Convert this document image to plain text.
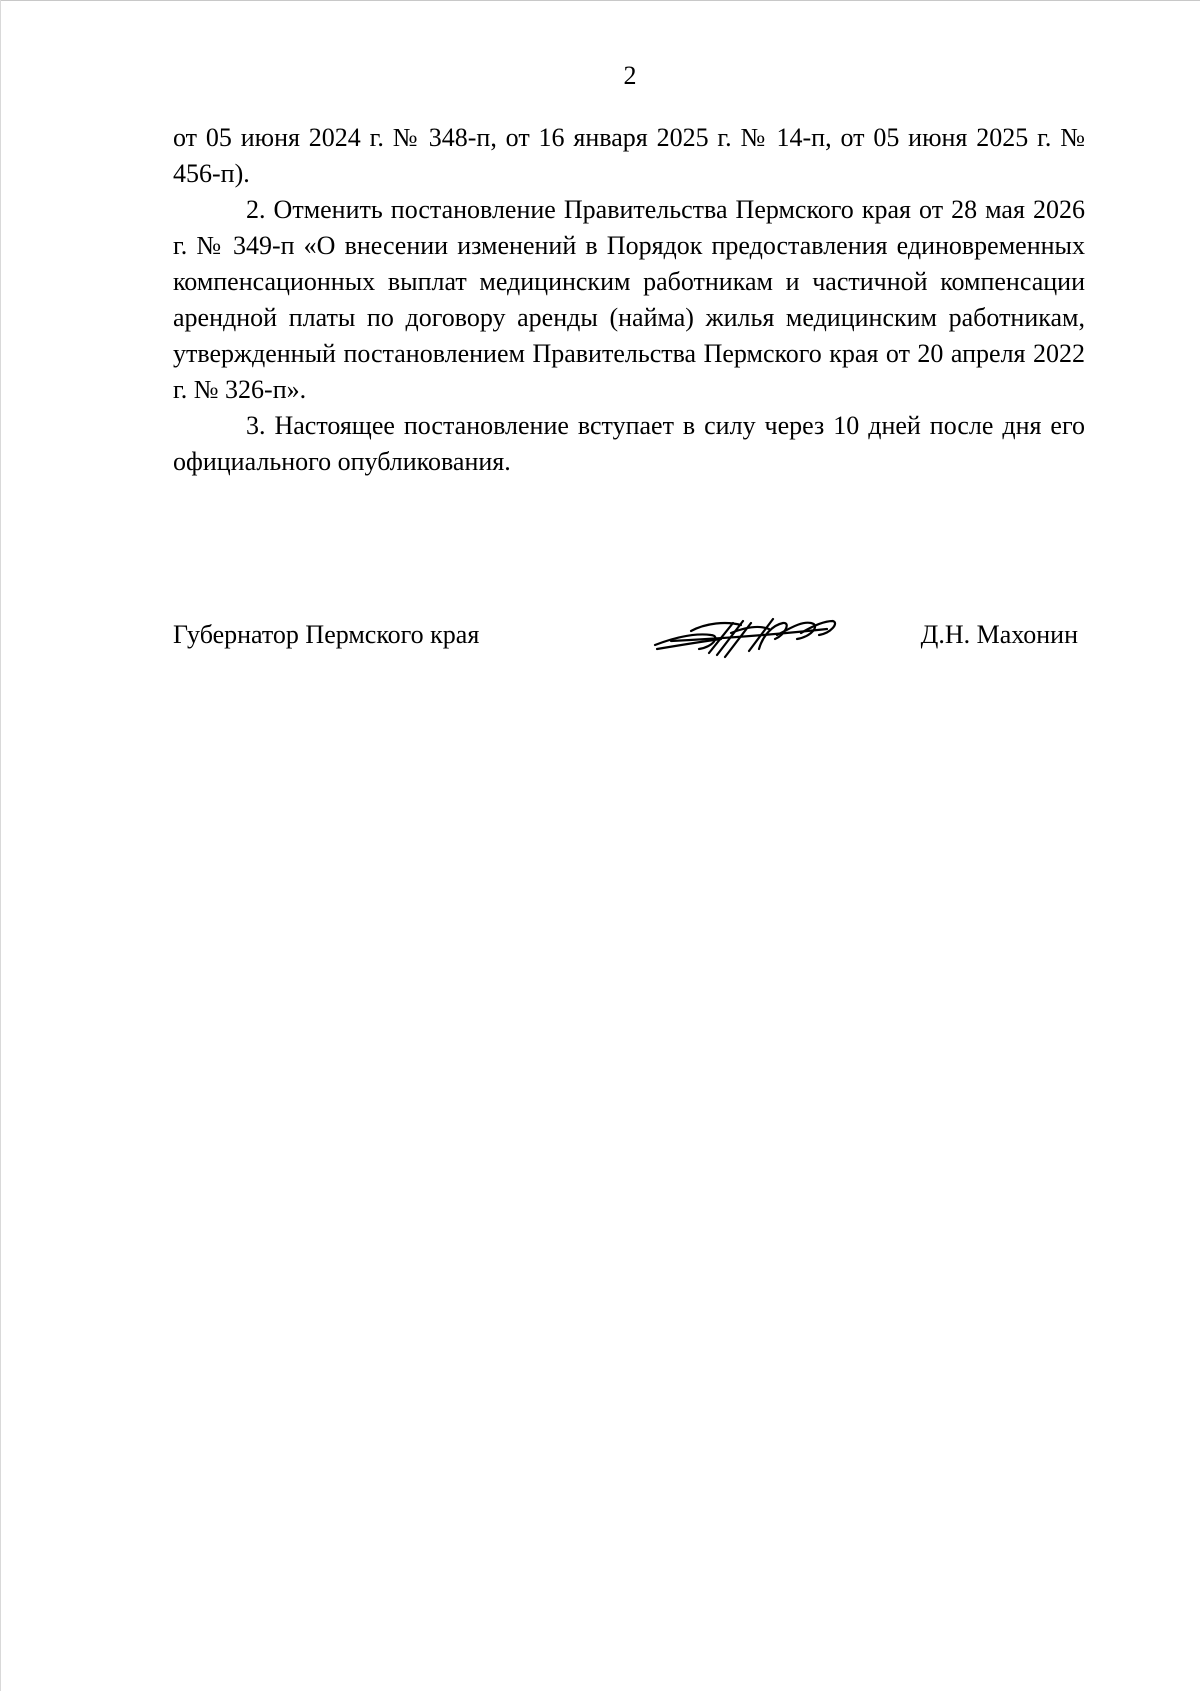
2

от 05 июня 2024 г. № 348-п, от 16 января 2025 г. № 14-п, от 05 июня 2025 г. № 456-п).

2. Отменить постановление Правительства Пермского края от 28 мая 2026 г. № 349-п «О внесении изменений в Порядок предоставления единовременных компенсационных выплат медицинским работникам и частичной компенсации арендной платы по договору аренды (найма) жилья медицинским работникам, утвержденный постановлением Правительства Пермского края от 20 апреля 2022 г. № 326-п».

3. Настоящее постановление вступает в силу через 10 дней после дня его официального опубликования.

Губернатор Пермского края	Д.Н. Махонин
